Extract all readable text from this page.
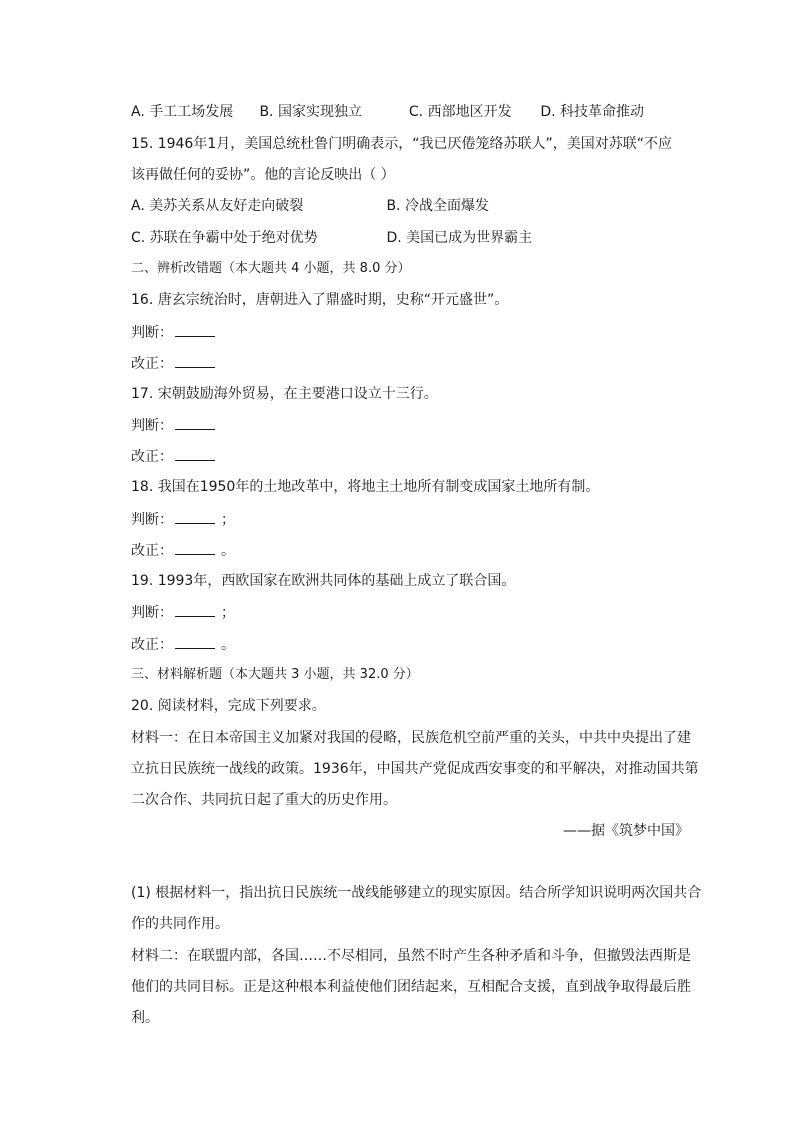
A. 手工工场发展 B. 国家实现独立	C. 西部地区开发 D. 科技革命推动
15. 1946年1月，美国总统杜鲁门明确表示，“我已厌倦笼络苏联人”，美国对苏联“不应
该再做任何的妥协”。他的言论反映出（ ）
A. 美苏关系从友好走向破裂	B. 冷战全面爆发
C. 苏联在争霸中处于绝对优势	D. 美国已成为世界霸主
二、辨析改错题（本大题共 4 小题，共 8.0 分）
16. 唐玄宗统治时，唐朝进入了鼎盛时期，史称“开元盛世”。
判断：
改正：
17. 宋朝鼓励海外贸易，在主要港口设立十三行。
判断：
改正：
18. 我国在1950年的土地改革中，将地主土地所有制变成国家土地所有制。
判断：	；
改正：	。
19. 1993年，西欧国家在欧洲共同体的基础上成立了联合国。
判断：	；
改正：	。
三、材料解析题（本大题共 3 小题，共 32.0 分）
20. 阅读材料，完成下列要求。
材料一：在日本帝国主义加紧对我国的侵略，民族危机空前严重的关头，中共中央提出了建
立抗日民族统一战线的政策。1936年，中国共产党促成西安事变的和平解决，对推动国共第
二次合作、共同抗日起了重大的历史作用。
——据《筑梦中国》
(1) 根据材料一，指出抗日民族统一战线能够建立的现实原因。结合所学知识说明两次国共合
作的共同作用。
材料二：在联盟内部，各国……不尽相同，虽然不时产生各种矛盾和斗争，但撤毁法西斯是
他们的共同目标。正是这种根本利益使他们团结起来，互相配合支援，直到战争取得最后胜
利。
